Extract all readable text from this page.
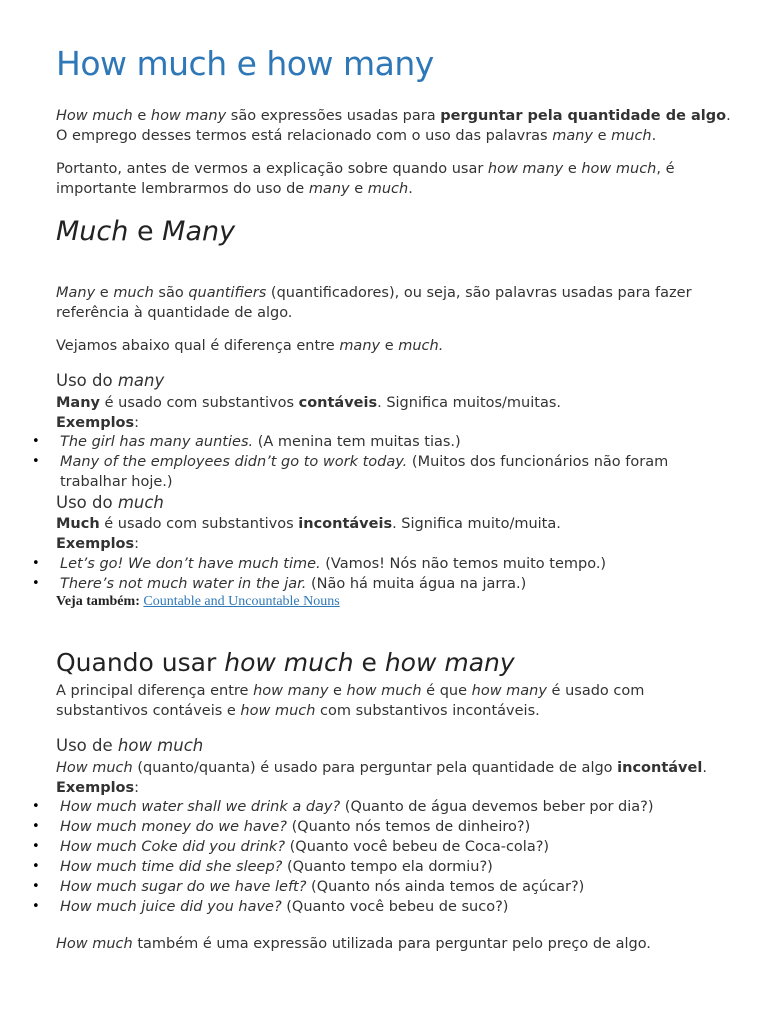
How much e how many

How much e how many são expressões usadas para perguntar pela quantidade de algo.

O emprego desses termos está relacionado com o uso das palavras many e much.

Portanto, antes de vermos a explicação sobre quando usar how many e how much, é

importante lembrarmos do uso de many e much.

Much e Many

Many e much são quantifiers (quantificadores), ou seja, são palavras usadas para fazer

referência à quantidade de algo.

Vejamos abaixo qual é diferença entre many e much.

Uso do many

Many é usado com substantivos contáveis. Significa muitos/muitas.

Exemplos:

• The girl has many aunties. (A menina tem muitas tias.)
• Many of the employees didn’t go to work today. (Muitos dos funcionários não foram
trabalhar hoje.)
Uso do much

Much é usado com substantivos incontáveis. Significa muito/muita.

Exemplos:

• Let’s go! We don’t have much time. (Vamos! Nós não temos muito tempo.)
• There’s not much water in the jar. (Não há muita água na jarra.)
Veja também: Countable and Uncountable Nouns
Quando usar how much e how many

A principal diferença entre how many e how much é que how many é usado com

substantivos contáveis e how much com substantivos incontáveis.

Uso de how much

How much (quanto/quanta) é usado para perguntar pela quantidade de algo incontável.

Exemplos:

• How much water shall we drink a day? (Quanto de água devemos beber por dia?)
• How much money do we have? (Quanto nós temos de dinheiro?)
• How much Coke did you drink? (Quanto você bebeu de Coca-cola?)
• How much time did she sleep? (Quanto tempo ela dormiu?)
• How much sugar do we have left? (Quanto nós ainda temos de açúcar?)
• How much juice did you have? (Quanto você bebeu de suco?)

How much também é uma expressão utilizada para perguntar pelo preço de algo.
